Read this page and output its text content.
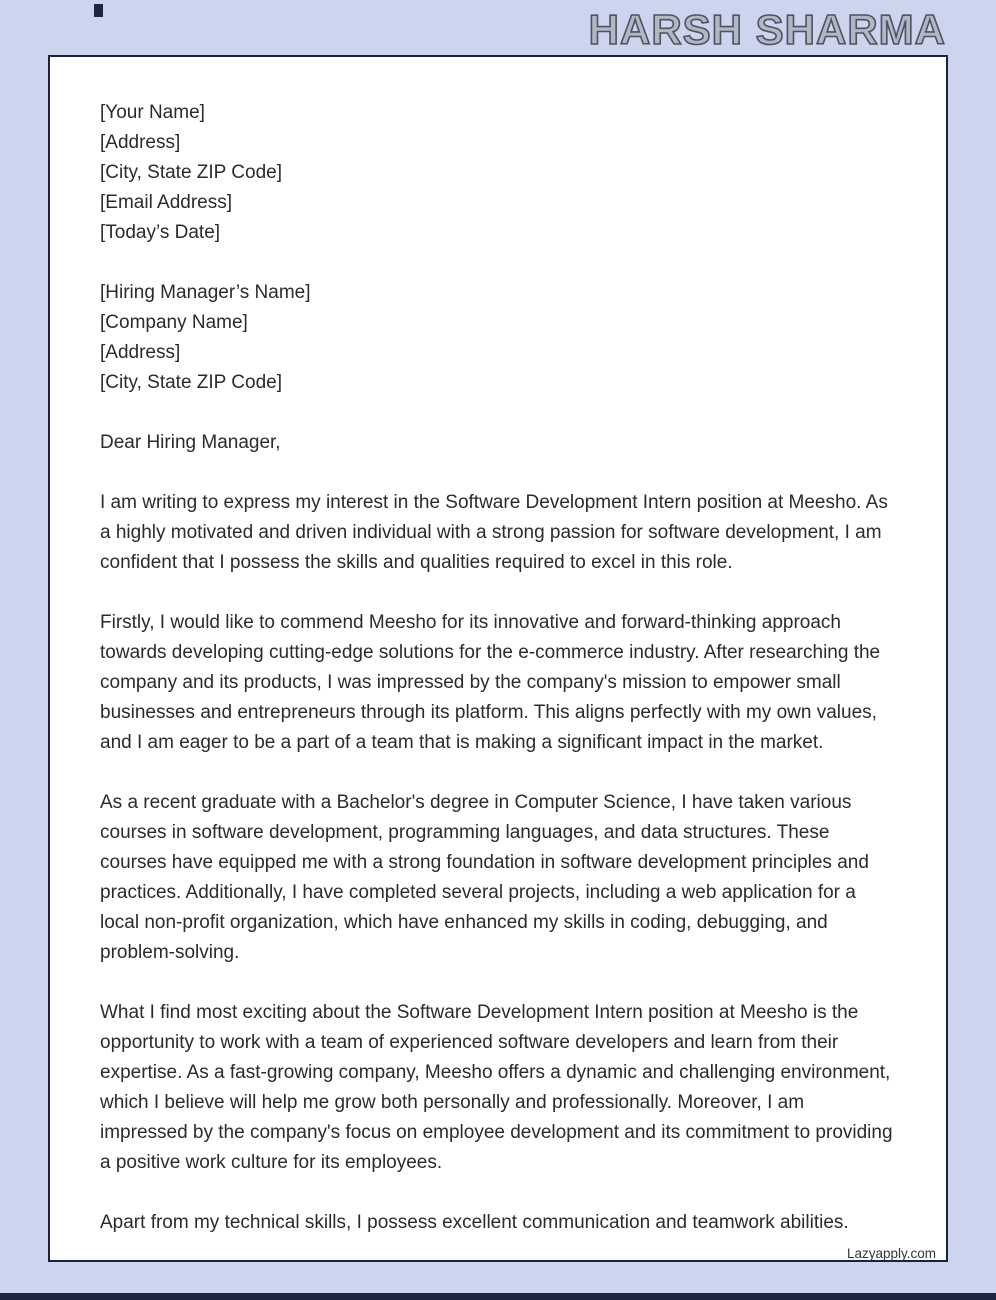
HARSH SHARMA
[Your Name]
[Address]
[City, State ZIP Code]
[Email Address]
[Today’s Date]
[Hiring Manager’s Name]
[Company Name]
[Address]
[City, State ZIP Code]
Dear Hiring Manager,

I am writing to express my interest in the Software Development Intern position at Meesho. As a highly motivated and driven individual with a strong passion for software development, I am confident that I possess the skills and qualities required to excel in this role.

Firstly, I would like to commend Meesho for its innovative and forward-thinking approach towards developing cutting-edge solutions for the e-commerce industry. After researching the company and its products, I was impressed by the company's mission to empower small businesses and entrepreneurs through its platform. This aligns perfectly with my own values, and I am eager to be a part of a team that is making a significant impact in the market.

As a recent graduate with a Bachelor's degree in Computer Science, I have taken various courses in software development, programming languages, and data structures. These courses have equipped me with a strong foundation in software development principles and practices. Additionally, I have completed several projects, including a web application for a local non-profit organization, which have enhanced my skills in coding, debugging, and problem-solving.

What I find most exciting about the Software Development Intern position at Meesho is the opportunity to work with a team of experienced software developers and learn from their expertise. As a fast-growing company, Meesho offers a dynamic and challenging environment, which I believe will help me grow both personally and professionally. Moreover, I am impressed by the company's focus on employee development and its commitment to providing a positive work culture for its employees.

Apart from my technical skills, I possess excellent communication and teamwork abilities.

Lazyapply.com
